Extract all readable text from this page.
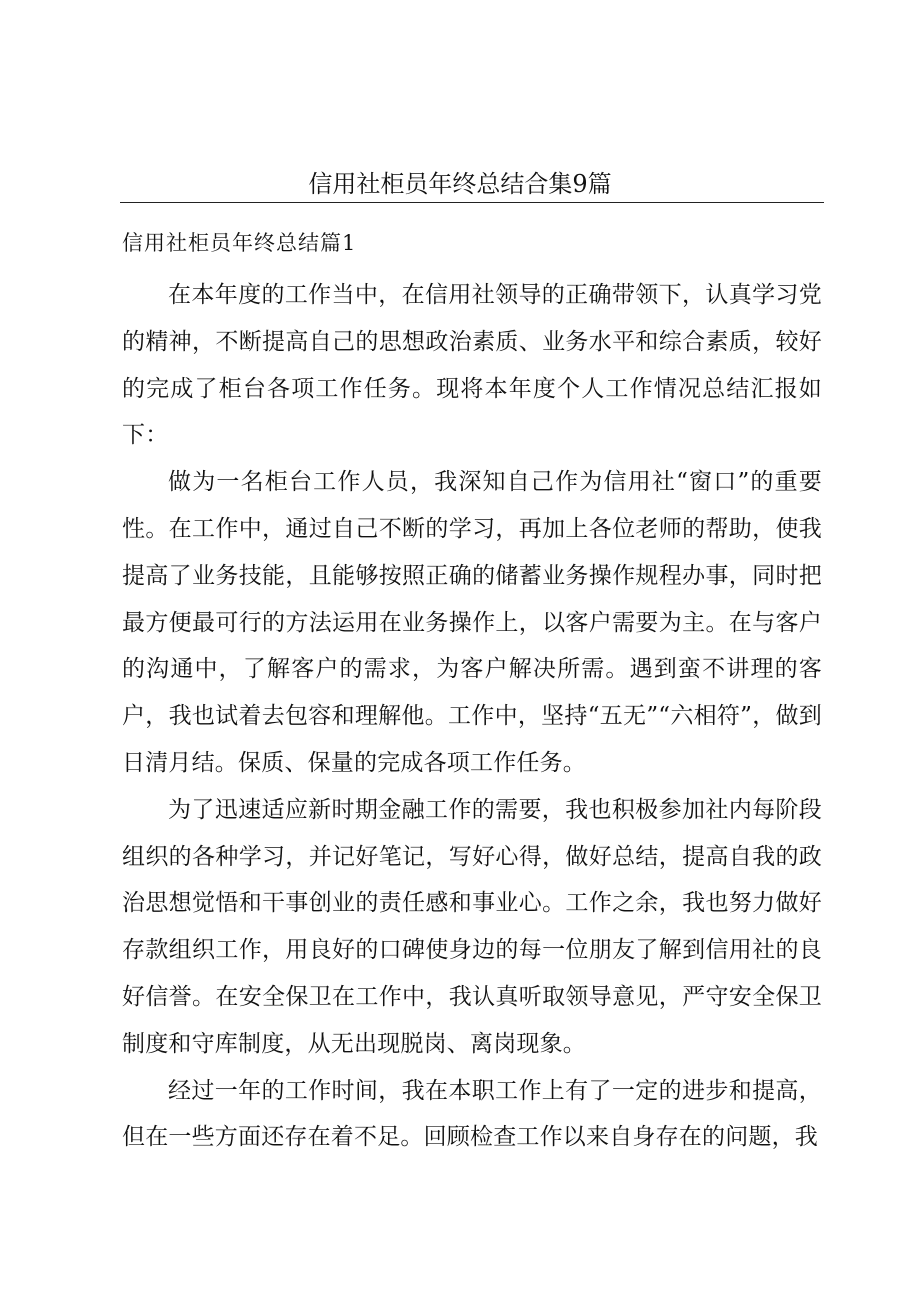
信用社柜员年终总结合集9篇
信用社柜员年终总结篇1

在本年度的工作当中，在信用社领导的正确带领下，认真学习党的精神，不断提高自己的思想政治素质、业务水平和综合素质，较好的完成了柜台各项工作任务。现将本年度个人工作情况总结汇报如下：

做为一名柜台工作人员，我深知自己作为信用社“窗口”的重要性。在工作中，通过自己不断的学习，再加上各位老师的帮助，使我提高了业务技能，且能够按照正确的储蓄业务操作规程办事，同时把最方便最可行的方法运用在业务操作上，以客户需要为主。在与客户的沟通中，了解客户的需求，为客户解决所需。遇到蛮不讲理的客户，我也试着去包容和理解他。工作中，坚持“五无”“六相符”，做到日清月结。保质、保量的完成各项工作任务。

为了迅速适应新时期金融工作的需要，我也积极参加社内每阶段组织的各种学习，并记好笔记，写好心得，做好总结，提高自我的政治思想觉悟和干事创业的责任感和事业心。工作之余，我也努力做好存款组织工作，用良好的口碑使身边的每一位朋友了解到信用社的良好信誉。在安全保卫在工作中，我认真听取领导意见，严守安全保卫制度和守库制度，从无出现脱岗、离岗现象。

经过一年的工作时间，我在本职工作上有了一定的进步和提高，但在一些方面还存在着不足。回顾检查工作以来自身存在的问题，我
